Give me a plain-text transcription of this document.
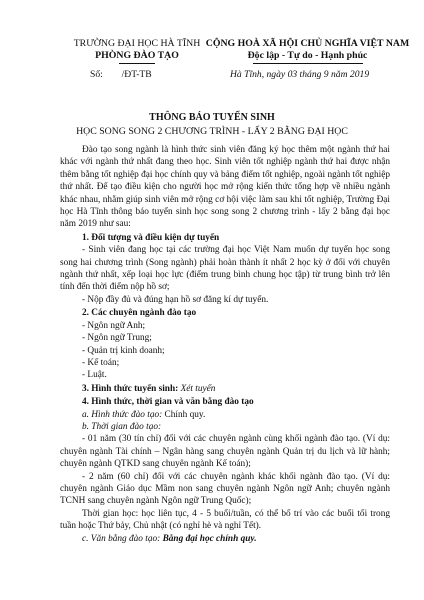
TRƯỜNG ĐẠI HỌC HÀ TĨNH
PHÒNG ĐÀO TẠO
CỘNG HOÀ XÃ HỘI CHỦ NGHĨA VIỆT NAM
Độc lập - Tự do - Hạnh phúc
Số: /ĐT-TB	Hà Tĩnh, ngày 03 tháng 9 năm 2019
THÔNG BÁO TUYỂN SINH
HỌC SONG SONG 2 CHƯƠNG TRÌNH - LẤY 2 BẰNG ĐẠI HỌC

Đào tạo song ngành là hình thức sinh viên đăng ký học thêm một ngành thứ hai khác với ngành thứ nhất đang theo học. Sinh viên tốt nghiệp ngành thứ hai được nhận thêm bằng tốt nghiệp đại học chính quy và bảng điểm tốt nghiệp, ngoài ngành tốt nghiệp thứ nhất. Để tạo điều kiện cho người học mở rộng kiến thức tổng hợp về nhiều ngành khác nhau, nhằm giúp sinh viên mở rộng cơ hội việc làm sau khi tốt nghiệp, Trường Đại học Hà Tĩnh thông báo tuyển sinh học song song 2 chương trình - lấy 2 bằng đại học năm 2019 như sau:

1. Đối tượng và điều kiện dự tuyển

- Sinh viên đang học tại các trường đại học Việt Nam muốn dự tuyển học song song hai chương trình (Song ngành) phải hoàn thành ít nhất 2 học kỳ ở đối với chuyên ngành thứ nhất, xếp loại học lực (điểm trung bình chung học tập) từ trung bình trở lên tính đến thời điểm nộp hồ sơ;

- Nộp đầy đủ và đúng hạn hồ sơ đăng kí dự tuyển.

2. Các chuyên ngành đào tạo

- Ngôn ngữ Anh;

- Ngôn ngữ Trung;

- Quản trị kinh doanh;

- Kế toán;

- Luật.

3. Hình thức tuyển sinh: Xét tuyển

4. Hình thức, thời gian và văn bằng đào tạo

a. Hình thức đào tạo: Chính quy.

b. Thời gian đào tạo:

- 01 năm (30 tín chỉ) đối với các chuyên ngành cùng khối ngành đào tạo. (Ví dụ: chuyên ngành Tài chính – Ngân hàng sang chuyên ngành Quản trị du lịch và lữ hành; chuyên ngành QTKD sang chuyên ngành Kế toán);

- 2 năm (60 chỉ) đối với các chuyên ngành khác khối ngành đào tạo. (Ví dụ: chuyên ngành Giáo dục Mầm non sang chuyên ngành Ngôn ngữ Anh; chuyên ngành TCNH sang chuyên ngành Ngôn ngữ Trung Quốc);

Thời gian học: học liên tục, 4 - 5 buổi/tuần, có thể bố trí vào các buổi tối trong tuần hoặc Thứ bảy, Chủ nhật (có nghỉ hè và nghỉ Tết).

c. Văn bằng đào tạo: Bằng đại học chính quy.
